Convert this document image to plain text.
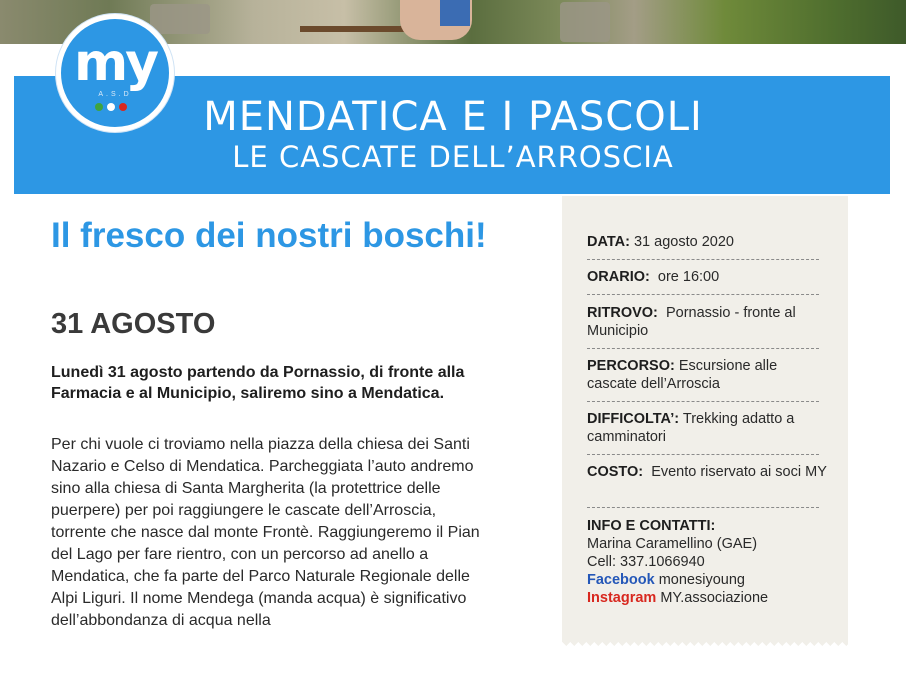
MENDATICA E I PASCOLI
LE CASCATE DELL’ARROSCIA
my
A.S.D
Il fresco dei nostri boschi!
31 AGOSTO
Lunedì 31 agosto partendo da Pornassio, di fronte alla Farmacia e al Municipio, saliremo sino a Mendatica.
Per chi vuole ci troviamo nella piazza della chiesa dei Santi Nazario e Celso di Mendatica. Parcheggiata l’auto andremo sino alla chiesa di Santa Margherita (la protettrice delle puerpere) per poi raggiungere le cascate dell’Arroscia, torrente che nasce dal monte Frontè. Raggiungeremo il Pian del Lago per fare rientro, con un percorso ad anello a Mendatica, che fa parte del Parco Naturale Regionale delle Alpi Liguri. Il nome Mendega (manda acqua) è significativo dell’abbondanza di acqua nella
DATA: 31 agosto 2020
ORARIO: ore 16:00
RITROVO: Pornassio - fronte al Municipio
PERCORSO: Escursione alle cascate dell’Arroscia
DIFFICOLTA’: Trekking adatto a camminatori
COSTO: Evento riservato ai soci MY
INFO E CONTATTI:
Marina Caramellino (GAE)
Cell: 337.1066940
Facebook monesiyoung
Instagram MY.associazione
